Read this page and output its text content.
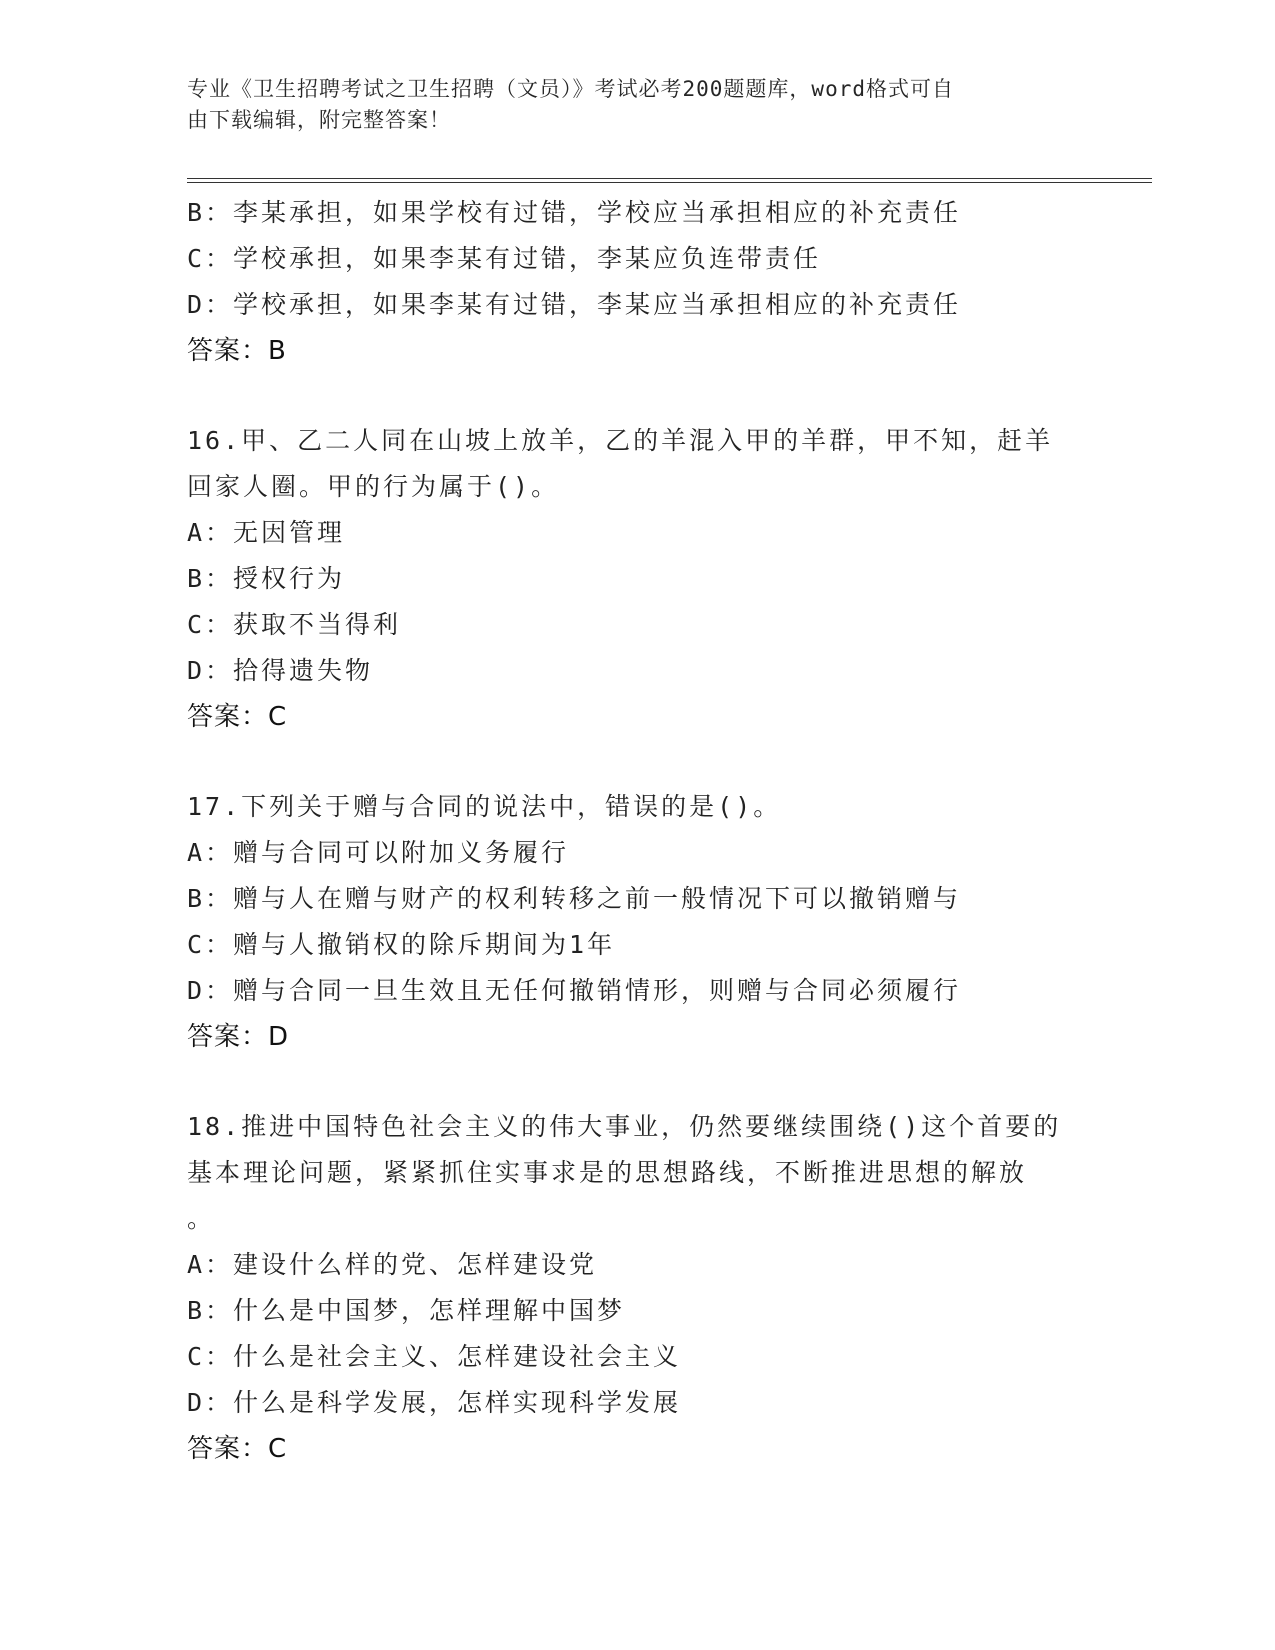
专业《卫生招聘考试之卫生招聘（文员）》考试必考200题题库，word格式可自
由下载编辑，附完整答案！
B：李某承担，如果学校有过错，学校应当承担相应的补充责任
C：学校承担，如果李某有过错，李某应负连带责任
D：学校承担，如果李某有过错，李某应当承担相应的补充责任
答案：B
16.甲、乙二人同在山坡上放羊，乙的羊混入甲的羊群，甲不知，赶羊
回家人圈。甲的行为属于()。
A：无因管理
B：授权行为
C：获取不当得利
D：拾得遗失物
答案：C
17.下列关于赠与合同的说法中，错误的是()。
A：赠与合同可以附加义务履行
B：赠与人在赠与财产的权利转移之前一般情况下可以撤销赠与
C：赠与人撤销权的除斥期间为1年
D：赠与合同一旦生效且无任何撤销情形，则赠与合同必须履行
答案：D
18.推进中国特色社会主义的伟大事业，仍然要继续围绕()这个首要的
基本理论问题，紧紧抓住实事求是的思想路线，不断推进思想的解放
。
A：建设什么样的党、怎样建设党
B：什么是中国梦，怎样理解中国梦
C：什么是社会主义、怎样建设社会主义
D：什么是科学发展，怎样实现科学发展
答案：C
